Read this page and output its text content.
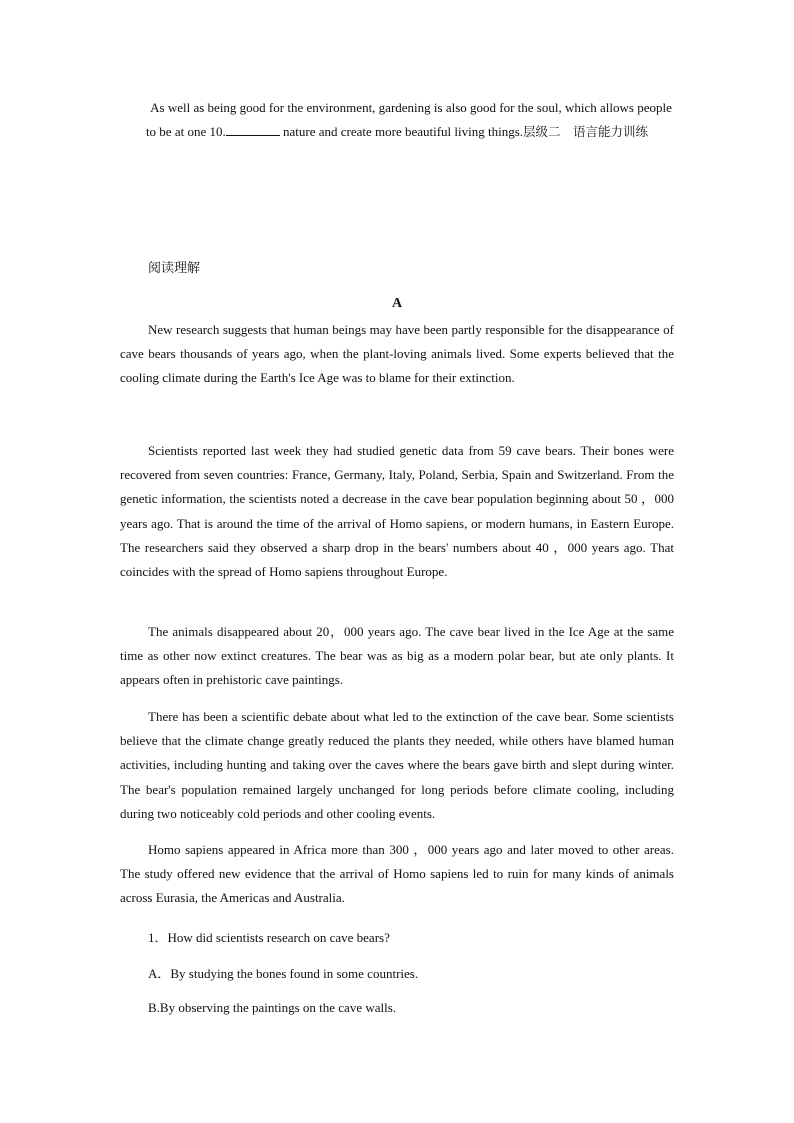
As well as being good for the environment, gardening is also good for the soul, which allows people to be at one 10.	nature and create more beautiful living things.层级二　语言能力训练
阅读理解
A

New research suggests that human beings may have been partly responsible for the disappearance of cave bears thousands of years ago, when the plant-loving animals lived. Some experts believed that the cooling climate during the Earth's Ice Age was to blame for their extinction.

Scientists reported last week they had studied genetic data from 59 cave bears. Their bones were recovered from seven countries: France, Germany, Italy, Poland, Serbia, Spain and Switzerland. From the genetic information, the scientists noted a decrease in the cave bear population beginning about 50 ，000 years ago. That is around the time of the arrival of Homo sapiens, or modern humans, in Eastern Europe. The researchers said they observed a sharp drop in the bears' numbers about 40 ，000 years ago. That coincides with the spread of Homo sapiens throughout Europe.

The animals disappeared about 20，000 years ago. The cave bear lived in the Ice Age at the same time as other now extinct creatures. The bear was as big as a modern polar bear, but ate only plants. It appears often in prehistoric cave paintings.

There has been a scientific debate about what led to the extinction of the cave bear. Some scientists believe that the climate change greatly reduced the plants they needed, while others have blamed human activities, including hunting and taking over the caves where the bears gave birth and slept during winter. The bear's population remained largely unchanged for long periods before climate cooling, including during two noticeably cold periods and other cooling events.

Homo sapiens appeared in Africa more than 300 ，000 years ago and later moved to other areas. The study offered new evidence that the arrival of Homo sapiens led to ruin for many kinds of animals across Eurasia, the Americas and Australia.

1．How did scientists research on cave bears?
A．By studying the bones found in some countries.
B.By observing the paintings on the cave walls.
